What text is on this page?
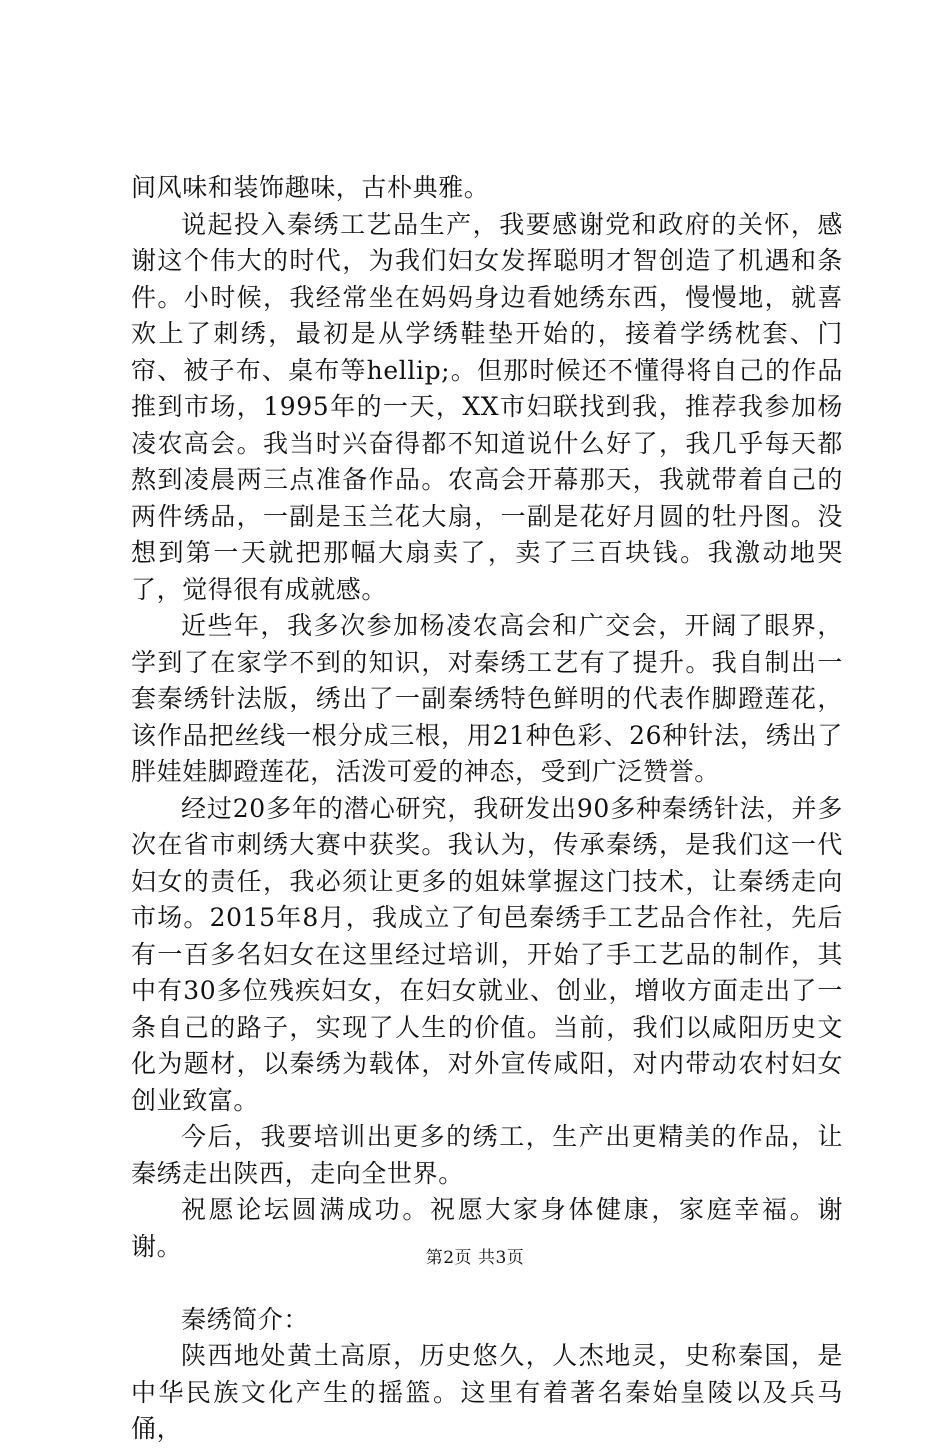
间风味和装饰趣味，古朴典雅。

说起投入秦绣工艺品生产，我要感谢党和政府的关怀，感谢这个伟大的时代，为我们妇女发挥聪明才智创造了机遇和条件。小时候，我经常坐在妈妈身边看她绣东西，慢慢地，就喜欢上了刺绣，最初是从学绣鞋垫开始的，接着学绣枕套、门帘、被子布、桌布等hellip;。但那时候还不懂得将自己的作品推到市场，1995年的一天，XX市妇联找到我，推荐我参加杨凌农高会。我当时兴奋得都不知道说什么好了，我几乎每天都熬到凌晨两三点准备作品。农高会开幕那天，我就带着自己的两件绣品，一副是玉兰花大扇，一副是花好月圆的牡丹图。没想到第一天就把那幅大扇卖了，卖了三百块钱。我激动地哭了，觉得很有成就感。

近些年，我多次参加杨凌农高会和广交会，开阔了眼界，学到了在家学不到的知识，对秦绣工艺有了提升。我自制出一套秦绣针法版，绣出了一副秦绣特色鲜明的代表作脚蹬莲花，该作品把丝线一根分成三根，用21种色彩、26种针法，绣出了胖娃娃脚蹬莲花，活泼可爱的神态，受到广泛赞誉。

经过20多年的潜心研究，我研发出90多种秦绣针法，并多次在省市刺绣大赛中获奖。我认为，传承秦绣，是我们这一代妇女的责任，我必须让更多的姐妹掌握这门技术，让秦绣走向市场。2015年8月，我成立了旬邑秦绣手工艺品合作社，先后有一百多名妇女在这里经过培训，开始了手工艺品的制作，其中有30多位残疾妇女，在妇女就业、创业，增收方面走出了一条自己的路子，实现了人生的价值。当前，我们以咸阳历史文化为题材，以秦绣为载体，对外宣传咸阳，对内带动农村妇女创业致富。

今后，我要培训出更多的绣工，生产出更精美的作品，让秦绣走出陕西，走向全世界。

祝愿论坛圆满成功。祝愿大家身体健康，家庭幸福。谢谢。

秦绣简介：

陕西地处黄土高原，历史悠久，人杰地灵，史称秦国，是中华民族文化产生的摇篮。这里有着著名秦始皇陵以及兵马俑，

第2页 共3页
